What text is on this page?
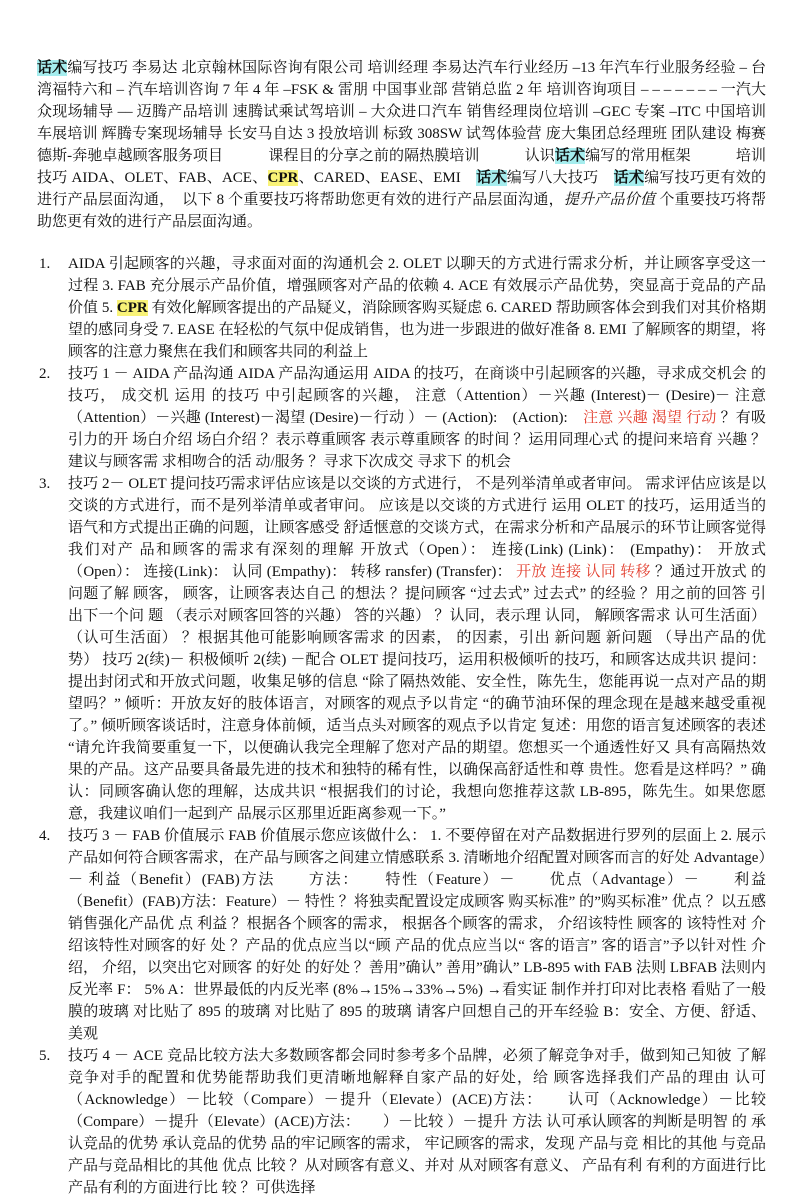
话术编写技巧 李易达 北京翰林国际咨询有限公司 培训经理 李易达汽车行业经历 –13 年汽车行业服务经验 – 台湾福特六和 – 汽车培训咨询 7 年 4 年 –FSK & 雷朋 中国事业部 营销总监 2 年 培训咨询项目 – – – – – – – 一汽大众现场辅导 –– 迈腾产品培训 速腾试乘试驾培训 – 大众进口汽车 销售经理岗位培训 –GEC 专案 –ITC 中国培训 车展培训 辉腾专案现场辅导 长安马自达 3 投放培训 标致 308SW 试驾体验营 庞大集团总经理班 团队建设 梅赛德斯-奔驰卓越顾客服务项目　　　课程目的分享之前的隔热膜培训　　　认识话术编写的常用框架　　　培训技巧 AIDA、OLET、FAB、ACE、CPR、CARED、EASE、EMI　话术编写八大技巧　话术编写技巧更有效的进行产品层面沟通，　以下 8 个重要技巧将帮助您更有效的进行产品层面沟通，提升产品价值 个重要技巧将帮助您更有效的进行产品层面沟通。

1. AIDA 引起顾客的兴趣，寻求面对面的沟通机会 2. OLET 以聊天的方式进行需求分析，并让顾客享受这一过程 3. FAB 充分展示产品价值，增强顾客对产品的依赖 4. ACE 有效展示产品优势，突显高于竞品的产品价值 5. CPR 有效化解顾客提出的产品疑义，消除顾客购买疑虑 6. CARED 帮助顾客体会到我们对其价格期望的感同身受 7. EASE 在轻松的气氛中促成销售，也为进一步跟进的做好准备 8. EMI 了解顾客的期望，将顾客的注意力聚焦在我们和顾客共同的利益上
2. 技巧 1 － AIDA 产品沟通 AIDA 产品沟通运用 AIDA 的技巧，在商谈中引起顾客的兴趣，寻求成交机会 的技巧， 成交机 运用 的技巧 中引起顾客的兴趣， 注意（Attention）－兴趣 (Interest)－ (Desire)－ 注意（Attention）－兴趣 (Interest)－渴望 (Desire)－行动 ）－ (Action):　(Action):　注意 兴趣 渴望 行动 ？有吸引力的开 场白介绍 场白介绍 ？表示尊重顾客 表示尊重顾客 的时间 ？运用同理心式 的提问来培育 兴趣 ？建议与顾客需 求相吻合的活 动/服务 ？寻求下次成交 寻求下 的机会
3. 技巧 2－ OLET 提问技巧需求评估应该是以交谈的方式进行， 不是列举清单或者审问。 需求评估应该是以交谈的方式进行，而不是列举清单或者审问。 应该是以交谈的方式进行 运用 OLET 的技巧，运用适当的语气和方式提出正确的问题，让顾客感受 舒适惬意的交谈方式，在需求分析和产品展示的环节让顾客觉得我们对产 品和顾客的需求有深刻的理解 开放式（Open）： 连接(Link) (Link)： (Empathy)： 开放式（Open）： 连接(Link)： 认同 (Empathy)： 转移 ransfer) (Transfer)： 开放 连接 认同 转移 ？通过开放式 的问题了解 顾客， 顾客，让顾客表达自己 的想法 ？提问顾客 “过去式” 过去式” 的经验 ？用之前的回答 引出下一个问 题 （表示对顾客回答的兴趣） 答的兴趣） ？认同，表示理 认同， 解顾客需求 认可生活面） （认可生活面） ？根据其他可能影响顾客需求 的因素， 的因素，引出 新问题 新问题 （导出产品的优 势） 技巧 2(续)－ 积极倾听 2(续) －配合 OLET 提问技巧，运用积极倾听的技巧，和顾客达成共识 提问：提出封闭式和开放式问题，收集足够的信息 “除了隔热效能、安全性，陈先生，您能再说一点对产品的期望吗？” 倾听：开放友好的肢体语言，对顾客的观点予以肯定 “的确节油环保的理念现在是越来越受重视了。” 倾听顾客谈话时，注意身体前倾，适当点头对顾客的观点予以肯定 复述：用您的语言复述顾客的表述 “请允许我简要重复一下，以便确认我完全理解了您对产品的期望。您想买一个通透性好又 具有高隔热效果的产品。这产品要具备最先进的技术和独特的稀有性，以确保高舒适性和尊 贵性。您看是这样吗？” 确认：同顾客确认您的理解，达成共识 “根据我们的讨论，我想向您推荐这款 LB-895，陈先生。如果您愿意，我建议咱们一起到产 品展示区那里近距离参观一下。”
4. 技巧 3 － FAB 价值展示 FAB 价值展示您应该做什么： 1. 不要停留在对产品数据进行罗列的层面上 2. 展示产品如何符合顾客需求，在产品与顾客之间建立情感联系 3. 清晰地介绍配置对顾客而言的好处 Advantage）－ 利益（Benefit）(FAB)方法　　方法：　　特性（Feature）－　　优点（Advantage）－　　利益（Benefit）(FAB)方法：Feature）－ 特性 ？将独卖配置设定成顾客 购买标准” 的”购买标准” 优点 ？以五感销售强化产品优 点 利益 ？根据各个顾客的需求， 根据各个顾客的需求， 介绍该特性 顾客的 该特性对 介绍该特性对顾客的好 处 ？产品的优点应当以“顾 产品的优点应当以“ 客的语言” 客的语言”予以针对性 介绍， 介绍，以突出它对顾客 的好处 的好处 ？善用”确认” 善用”确认” LB-895 with FAB 法则 LBFAB 法则内反光率 F： 5% A：世界最低的内反光率 (8%→15%→33%→5%) →看实证 制作并打印对比表格 看贴了一般膜的玻璃 对比贴了 895 的玻璃 对比贴了 895 的玻璃 请客户回想自己的开车经验 B：安全、方便、舒适、美观
5. 技巧 4 － ACE 竞品比较方法大多数顾客都会同时参考多个品牌，必须了解竞争对手，做到知己知彼 了解竞争对手的配置和优势能帮助我们更清晰地解释自家产品的好处，给 顾客选择我们产品的理由 认可（Acknowledge）－比较（Compare）－提升（Elevate）(ACE)方法：　　认可（Acknowledge）－比较（Compare）－提升（Elevate）(ACE)方法：　　）－比较 ）－提升 方法 认可承认顾客的判断是明智 的 承认竞品的优势 承认竞品的优势 品的牢记顾客的需求， 牢记顾客的需求，发现 产品与竞 相比的其他 与竞品 产品与竞品相比的其他 优点 比较 ？从对顾客有意义、并对 从对顾客有意义、 产品有利 有利的方面进行比 产品有利的方面进行比 较 ？可供选择
